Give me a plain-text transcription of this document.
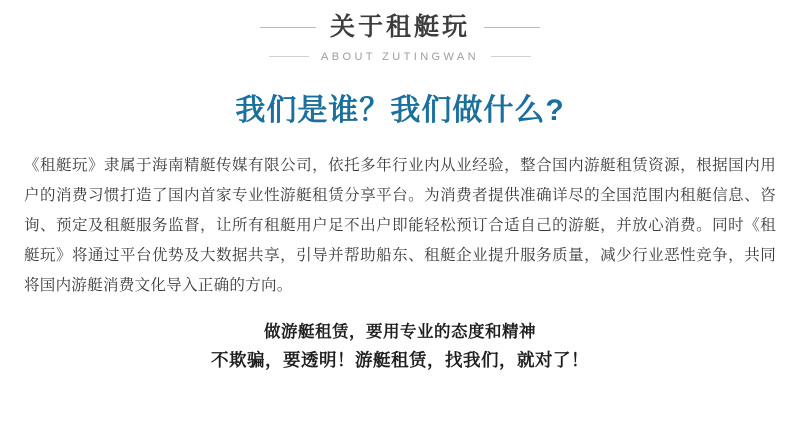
关于租艇玩
ABOUT ZUTINGWAN
我们是谁？我们做什么?

《租艇玩》隶属于海南精艇传媒有限公司，依托多年行业内从业经验，整合国内游艇租赁资源，根据国内用户的消费习惯打造了国内首家专业性游艇租赁分享平台。为消费者提供准确详尽的全国范围内租艇信息、咨询、预定及租艇服务监督，让所有租艇用户足不出户即能轻松预订合适自己的游艇，并放心消费。同时《租艇玩》将通过平台优势及大数据共享，引导并帮助船东、租艇企业提升服务质量，减少行业恶性竞争，共同将国内游艇消费文化导入正确的方向。

做游艇租赁，要用专业的态度和精神
不欺骗，要透明！游艇租赁，找我们，就对了！
